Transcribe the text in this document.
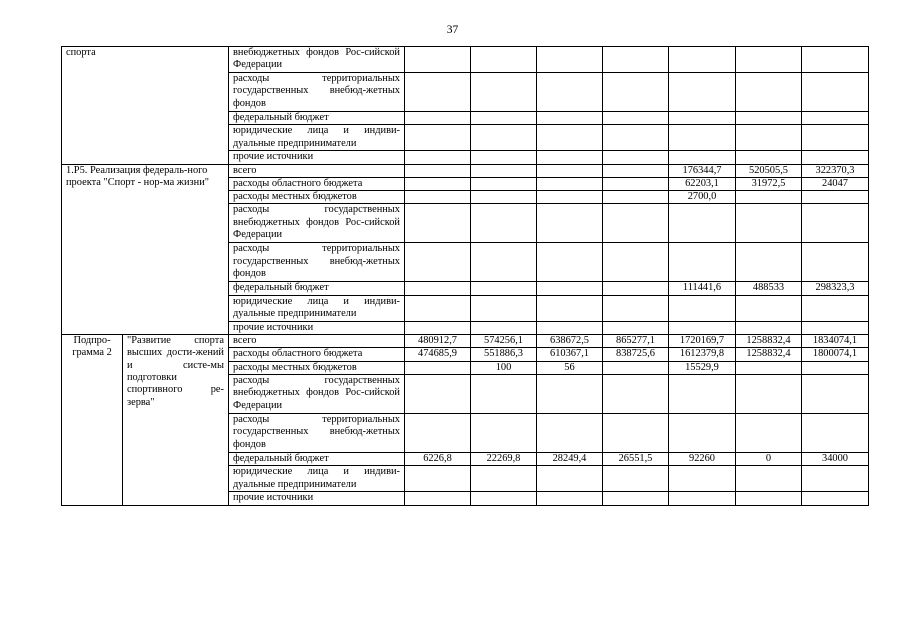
37
спорта		внебюджетных фондов Рос-сийской Федерации							
		расходы территориальных государственных внебюд-жетных фондов							
		федеральный бюджет							
		юридические лица и индиви-дуальные предприниматели							
		прочие источники							
1.Р5. Реализация федераль-ного проекта "Спорт - нор-ма жизни"		всего					176344,7	520505,5	322370,3
		расходы областного бюджета					62203,1	31972,5	24047
		расходы местных бюджетов					2700,0		
		расходы государственных внебюджетных фондов Рос-сийской Федерации							
		расходы территориальных государственных внебюд-жетных фондов							
		федеральный бюджет					111441,6	488533	298323,3
		юридические лица и индиви-дуальные предприниматели							
		прочие источники							
Подпро-грамма 2	"Развитие спорта высших дости-жений и систе-мы подготовки спортивного ре-зерва"	всего	480912,7	574256,1	638672,5	865277,1	1720169,7	1258832,4	1834074,1
		расходы областного бюджета	474685,9	551886,3	610367,1	838725,6	1612379,8	1258832,4	1800074,1
		расходы местных бюджетов		100	56		15529,9		
		расходы государственных внебюджетных фондов Рос-сийской Федерации							
		расходы территориальных государственных внебюд-жетных фондов							
		федеральный бюджет	6226,8	22269,8	28249,4	26551,5	92260	0	34000
		юридические лица и индиви-дуальные предприниматели							
		прочие источники							
